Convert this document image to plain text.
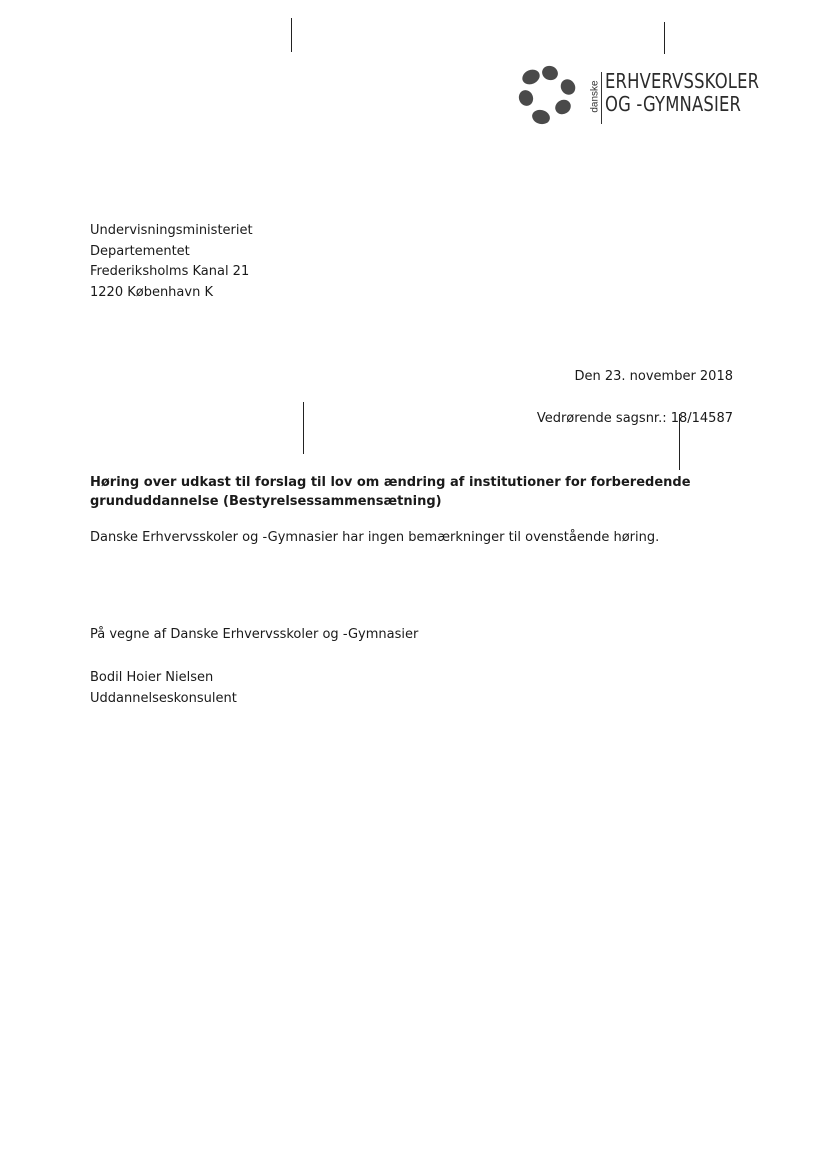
danske ERHVERVSSKOLER
OG -GYMNASIER
Undervisningsministeriet
Departementet
Frederiksholms Kanal 21
1220 København K
Den 23. november 2018
Vedrørende sagsnr.: 18/14587
Høring over udkast til forslag til lov om ændring af institutioner for forberedende grunduddannelse (Bestyrelsessammensætning)
Danske Erhvervsskoler og -Gymnasier har ingen bemærkninger til ovenstående høring.
På vegne af Danske Erhvervsskoler og -Gymnasier
Bodil Hoier Nielsen
Uddannelseskonsulent
